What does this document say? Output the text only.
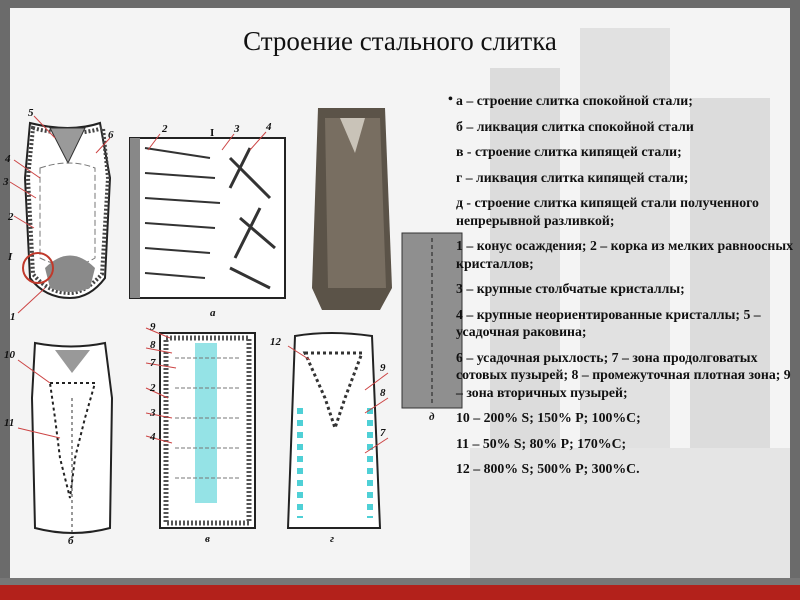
Строение стального слитка
5
6
4
3
2
I
1
2	I 3 4
а
д
10
11
б
9
8
7
2
3
4
в
12
9
8
7
г
• а – строение слитка спокойной стали;

б – ликвация слитка спокойной стали

в - строение слитка кипящей стали;

г – ликвация слитка кипящей стали;

д - строение слитка кипящей стали полученного непрерывной разливкой;

1 – конус осаждения; 2 – корка из мелких равноосных кристаллов;

3 – крупные столбчатые кристаллы;

4 – крупные неориентированные кристаллы; 5 – усадочная раковина;

6 – усадочная рыхлость; 7 – зона продолговатых сотовых пузырей; 8 – промежуточная плотная зона; 9 – зона вторичных пузырей;

10 – 200% S; 150% P; 100%C;

11 – 50% S; 80% P; 170%C;

12 – 800% S; 500% P; 300%C.
